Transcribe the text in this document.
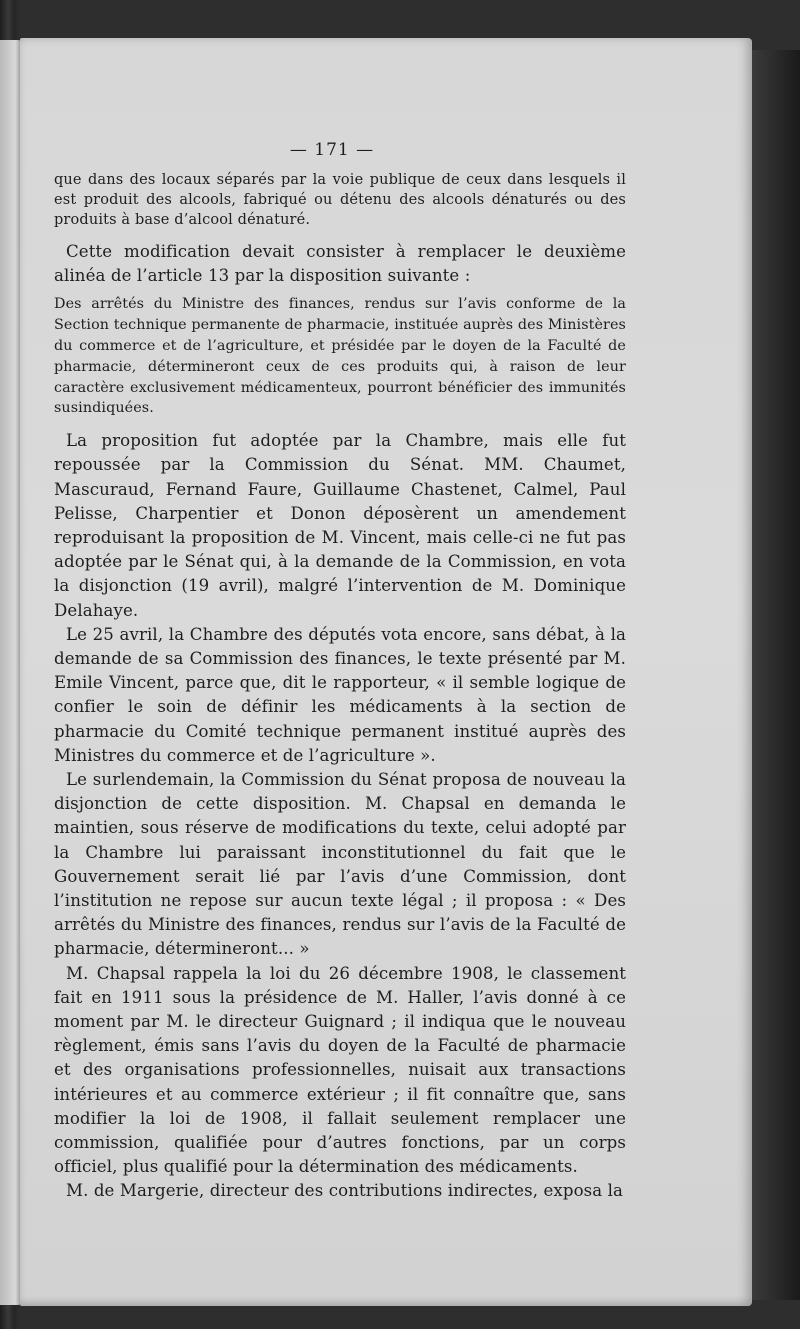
— 171 —

que dans des locaux séparés par la voie publique de ceux dans lesquels il est produit des alcools, fabriqué ou détenu des alcools dénaturés ou des produits à base d’alcool dénaturé.

Cette modification devait consister à remplacer le deuxième alinéa de l’article 13 par la disposition suivante :

Des arrêtés du Ministre des finances, rendus sur l’avis conforme de la Section technique permanente de pharmacie, instituée auprès des Ministères du commerce et de l’agriculture, et présidée par le doyen de la Faculté de pharmacie, détermineront ceux de ces produits qui, à raison de leur caractère exclusivement médicamenteux, pourront bénéficier des immunités susindiquées.

La proposition fut adoptée par la Chambre, mais elle fut repoussée par la Commission du Sénat. MM. Chaumet, Mascuraud, Fernand Faure, Guillaume Chastenet, Calmel, Paul Pelisse, Charpentier et Donon déposèrent un amendement reproduisant la proposition de M. Vincent, mais celle-ci ne fut pas adoptée par le Sénat qui, à la demande de la Commission, en vota la disjonction (19 avril), malgré l’intervention de M. Dominique Delahaye.

Le 25 avril, la Chambre des députés vota encore, sans débat, à la demande de sa Commission des finances, le texte présenté par M. Emile Vincent, parce que, dit le rapporteur, « il semble logique de confier le soin de définir les médicaments à la section de pharmacie du Comité technique permanent institué auprès des Ministres du commerce et de l’agriculture ».

Le surlendemain, la Commission du Sénat proposa de nouveau la disjonction de cette disposition. M. Chapsal en demanda le maintien, sous réserve de modifications du texte, celui adopté par la Chambre lui paraissant inconstitutionnel du fait que le Gouvernement serait lié par l’avis d’une Commission, dont l’institution ne repose sur aucun texte légal ; il proposa : « Des arrêtés du Ministre des finances, rendus sur l’avis de la Faculté de pharmacie, détermineront... »

M. Chapsal rappela la loi du 26 décembre 1908, le classement fait en 1911 sous la présidence de M. Haller, l’avis donné à ce moment par M. le directeur Guignard ; il indiqua que le nouveau règlement, émis sans l’avis du doyen de la Faculté de pharmacie et des organisations professionnelles, nuisait aux transactions intérieures et au commerce extérieur ; il fit connaître que, sans modifier la loi de 1908, il fallait seulement remplacer une commission, qualifiée pour d’autres fonctions, par un corps officiel, plus qualifié pour la détermination des médicaments.

M. de Margerie, directeur des contributions indirectes, exposa la
